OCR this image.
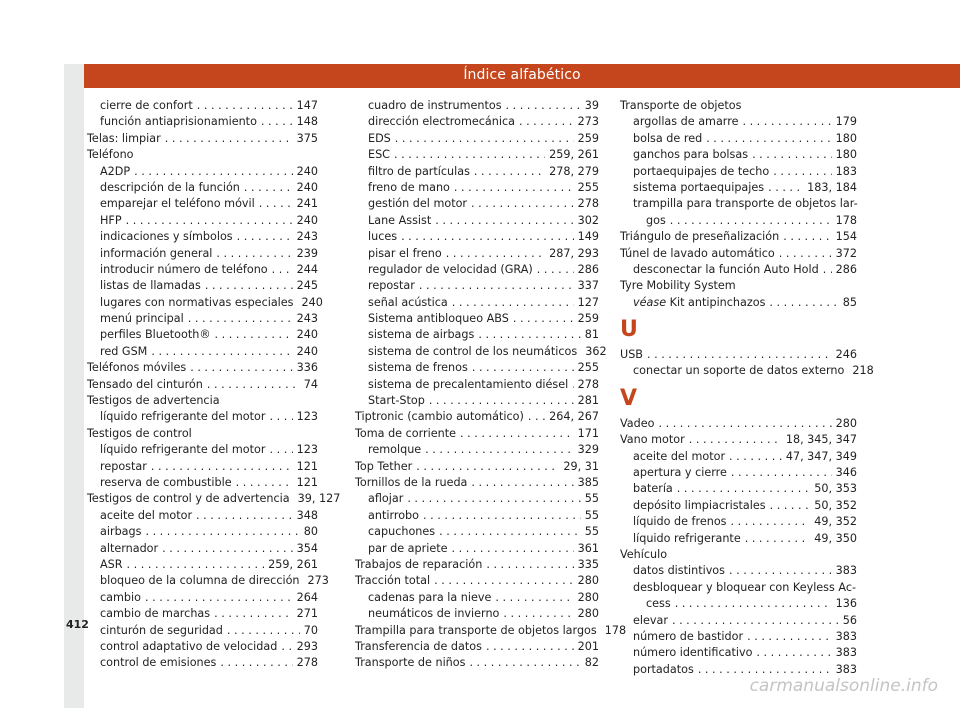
Índice alfabético
cierre de confort . . .	147
función antiaprisionamiento . . .	148
Telas: limpiar . . .	375
Teléfono
A2DP . . .	240
descripción de la función . . .	240
emparejar el teléfono móvil . . .	241
HFP . . .	240
indicaciones y símbolos . . .	243
información general . . .	239
introducir número de teléfono . . .	244
listas de llamadas . . .	245
lugares con normativas especiales 240
menú principal . . .	243
perfiles Bluetooth® . . .	240
red GSM . . .	240
Teléfonos móviles . . .	336
Tensado del cinturón . . .	74
Testigos de advertencia
líquido refrigerante del motor . . .	123
Testigos de control
líquido refrigerante del motor . . .	123
repostar . . .	121
reserva de combustible . . .	121
Testigos de control y de advertencia 39, 127
aceite del motor . . .	348
airbags . . .	80
alternador . . .	354
ASR . . .	259, 261
bloqueo de la columna de dirección 273
cambio . . .	264
cambio de marchas . . .	271
cinturón de seguridad . . .	70
control adaptativo de velocidad . . . 293
control de emisiones . . .	278
cuadro de instrumentos . . .	39
dirección electromecánica . . .	273
EDS . . .	259
ESC . . .	259, 261
filtro de partículas . . .	278, 279
freno de mano . . .	255
gestión del motor . . .	278
Lane Assist . . .	302
luces . . .	149
pisar el freno . . .	287, 293
regulador de velocidad (GRA) . . .	286
repostar . . .	337
señal acústica . . .	127
Sistema antibloqueo ABS . . .	259
sistema de airbags . . .	81
sistema de control de los neumáticos 362
sistema de frenos . . .	255
sistema de precalentamiento diésel . . . 278
Start-Stop . . .	281
Tiptronic (cambio automático) . . . 264, 267
Toma de corriente . . .	171
remolque . . .	329
Top Tether . . .	29, 31
Tornillos de la rueda . . .	385
aflojar . . .	55
antirrobo . . .	55
capuchones . . .	55
par de apriete . . .	361
Trabajos de reparación . . .	335
Tracción total . . .	280
cadenas para la nieve . . .	280
neumáticos de invierno . . .	280
Trampilla para transporte de objetos largos 178
Transferencia de datos . . .	201
Transporte de niños . . .	82
Transporte de objetos
argollas de amarre . . .	179
bolsa de red . . .	180
ganchos para bolsas . . .	180
portaequipajes de techo . . .	183
sistema portaequipajes . . .	183, 184
trampilla para transporte de objetos lar-
gos . . .	178
Triángulo de preseñalización . . .	154
Túnel de lavado automático . . .	372
desconectar la función Auto Hold . . . 286
Tyre Mobility System
véase Kit antipinchazos . . .	85
U
USB . . .	246
conectar un soporte de datos externo 218
V
Vadeo . . .	280
Vano motor . . .	18, 345, 347
aceite del motor . . .	47, 347, 349
apertura y cierre . . .	346
batería . . .	50, 353
depósito limpiacristales . . .	50, 352
líquido de frenos . . .	49, 352
líquido refrigerante . . .	49, 350
Vehículo
datos distintivos . . .	383
desbloquear y bloquear con Keyless Ac-
cess . . .	136
elevar . . .	56
número de bastidor . . .	383
número identificativo . . .	383
portadatos . . .	383
412
carmanualsonline.info
